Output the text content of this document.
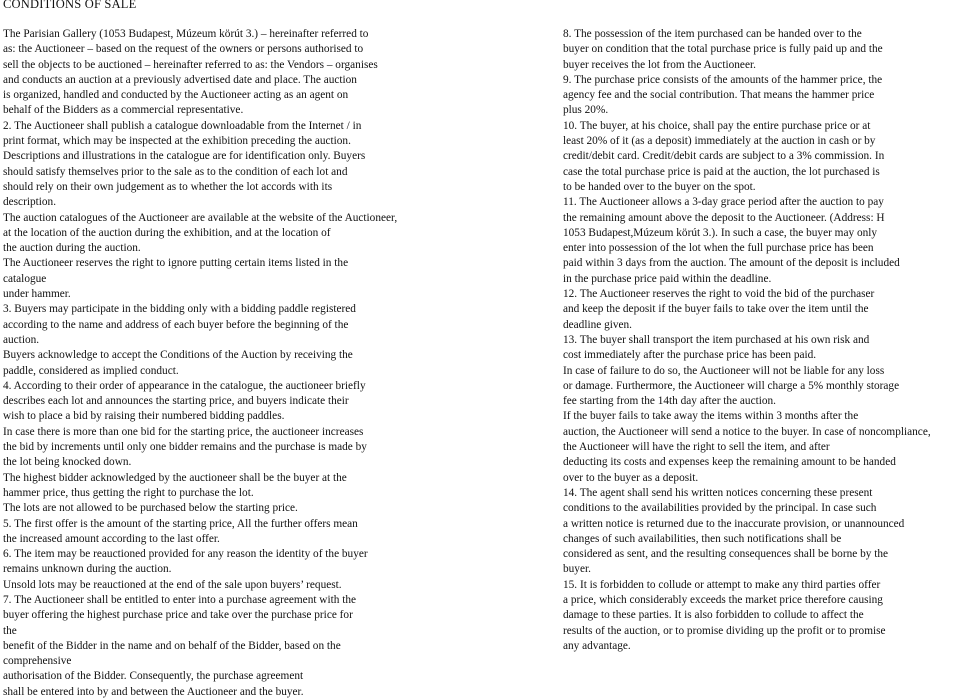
CONDITIONS OF SALE
The Parisian Gallery (1053 Budapest, Múzeum körút 3.) – hereinafter referred to
as: the Auctioneer – based on the request of the owners or persons authorised to
sell the objects to be auctioned – hereinafter referred to as: the Vendors – organises
and conducts an auction at a previously advertised date and place. The auction
is organized, handled and conducted by the Auctioneer acting as an agent on
behalf of the Bidders as a commercial representative.
2. The Auctioneer shall publish a catalogue downloadable from the Internet / in
print format, which may be inspected at the exhibition preceding the auction.
Descriptions and illustrations in the catalogue are for identification only. Buyers
should satisfy themselves prior to the sale as to the condition of each lot and
should rely on their own judgement as to whether the lot accords with its
description.
The auction catalogues of the Auctioneer are available at the website of the Auctioneer,
at the location of the auction during the exhibition, and at the location of
the auction during the auction.
The Auctioneer reserves the right to ignore putting certain items listed in the
catalogue
under hammer.
3. Buyers may participate in the bidding only with a bidding paddle registered
according to the name and address of each buyer before the beginning of the
auction.
Buyers acknowledge to accept the Conditions of the Auction by receiving the
paddle, considered as implied conduct.
4. According to their order of appearance in the catalogue, the auctioneer briefly
describes each lot and announces the starting price, and buyers indicate their
wish to place a bid by raising their numbered bidding paddles.
In case there is more than one bid for the starting price, the auctioneer increases
the bid by increments until only one bidder remains and the purchase is made by
the lot being knocked down.
The highest bidder acknowledged by the auctioneer shall be the buyer at the
hammer price, thus getting the right to purchase the lot.
The lots are not allowed to be purchased below the starting price.
5. The first offer is the amount of the starting price, All the further offers mean
the increased amount according to the last offer.
6. The item may be reauctioned provided for any reason the identity of the buyer
remains unknown during the auction.
Unsold lots may be reauctioned at the end of the sale upon buyers’ request.
7. The Auctioneer shall be entitled to enter into a purchase agreement with the
buyer offering the highest purchase price and take over the purchase price for
the
benefit of the Bidder in the name and on behalf of the Bidder, based on the
comprehensive
authorisation of the Bidder. Consequently, the purchase agreement
shall be entered into by and between the Auctioneer and the buyer.
8. The possession of the item purchased can be handed over to the
buyer on condition that the total purchase price is fully paid up and the
buyer receives the lot from the Auctioneer.
9. The purchase price consists of the amounts of the hammer price, the
agency fee and the social contribution. That means the hammer price
plus 20%.
10. The buyer, at his choice, shall pay the entire purchase price or at
least 20% of it (as a deposit) immediately at the auction in cash or by
credit/debit card. Credit/debit cards are subject to a 3% commission. In
case the total purchase price is paid at the auction, the lot purchased is
to be handed over to the buyer on the spot.
11. The Auctioneer allows a 3-day grace period after the auction to pay
the remaining amount above the deposit to the Auctioneer. (Address: H
1053 Budapest,Múzeum körút 3.). In such a case, the buyer may only
enter into possession of the lot when the full purchase price has been
paid within 3 days from the auction. The amount of the deposit is included
in the purchase price paid within the deadline.
12. The Auctioneer reserves the right to void the bid of the purchaser
and keep the deposit if the buyer fails to take over the item until the
deadline given.
13. The buyer shall transport the item purchased at his own risk and
cost immediately after the purchase price has been paid.
In case of failure to do so, the Auctioneer will not be liable for any loss
or damage. Furthermore, the Auctioneer will charge a 5% monthly storage
fee starting from the 14th day after the auction.
If the buyer fails to take away the items within 3 months after the
auction, the Auctioneer will send a notice to the buyer. In case of noncompliance,
the Auctioneer will have the right to sell the item, and after
deducting its costs and expenses keep the remaining amount to be handed
over to the buyer as a deposit.
14. The agent shall send his written notices concerning these present
conditions to the availabilities provided by the principal. In case such
a written notice is returned due to the inaccurate provision, or unannounced
changes of such availabilities, then such notifications shall be
considered as sent, and the resulting consequences shall be borne by the
buyer.
15. It is forbidden to collude or attempt to make any third parties offer
a price, which considerably exceeds the market price therefore causing
damage to these parties. It is also forbidden to collude to affect the
results of the auction, or to promise dividing up the profit or to promise
any advantage.
